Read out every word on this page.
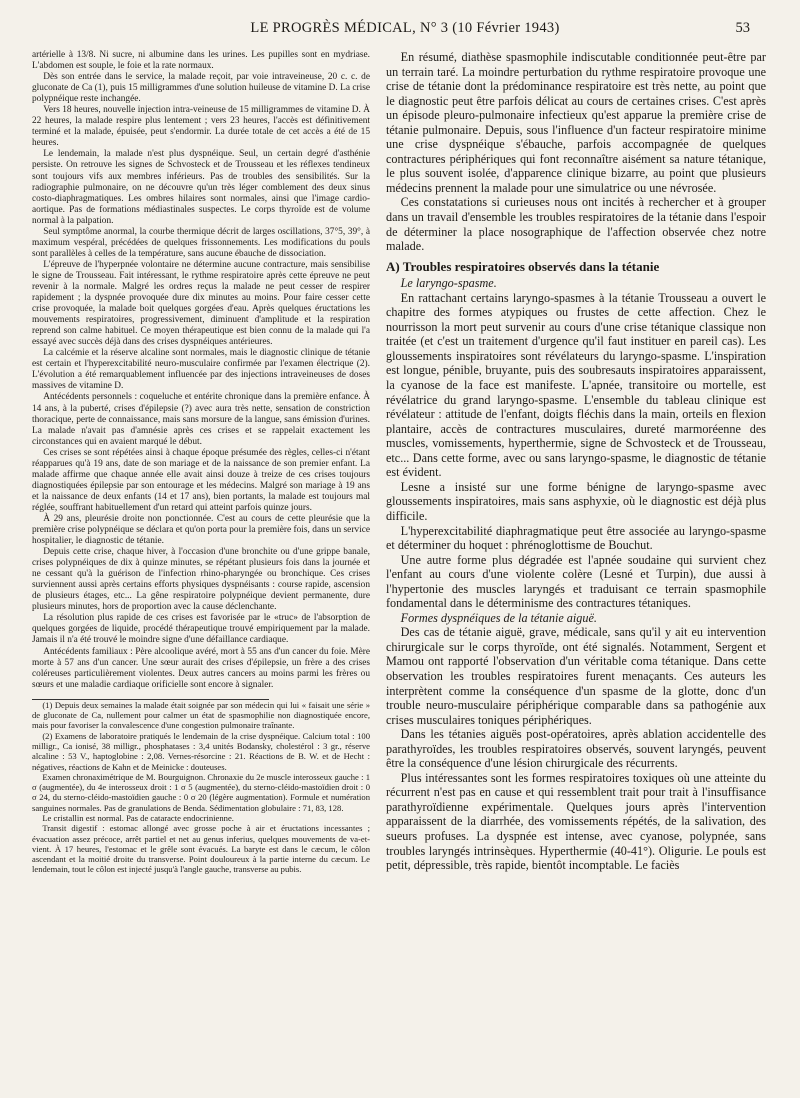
LE PROGRÈS MÉDICAL, N° 3 (10 Février 1943)	53

artérielle à 13/8. Ni sucre, ni albumine dans les urines. Les pupilles sont en mydriase. L'abdomen est souple, le foie et la rate normaux.

Dès son entrée dans le service, la malade reçoit, par voie intraveineuse, 20 c. c. de gluconate de Ca (1), puis 15 milligrammes d'une solution huileuse de vitamine D. La crise polypnéique reste inchangée.

Vers 18 heures, nouvelle injection intra-veineuse de 15 milligrammes de vitamine D. À 22 heures, la malade respire plus lentement ; vers 23 heures, l'accès est définitivement terminé et la malade, épuisée, peut s'endormir. La durée totale de cet accès a été de 15 heures.

Le lendemain, la malade n'est plus dyspnéique. Seul, un certain degré d'asthénie persiste. On retrouve les signes de Schvosteck et de Trousseau et les réflexes tendineux sont toujours vifs aux membres inférieurs. Pas de troubles des sensibilités. Sur la radiographie pulmonaire, on ne découvre qu'un très léger comblement des deux sinus costo-diaphragmatiques. Les ombres hilaires sont normales, ainsi que l'image cardio-aortique. Pas de formations médiastinales suspectes. Le corps thyroïde est de volume normal à la palpation.

Seul symptôme anormal, la courbe thermique décrit de larges oscillations, 37°5, 39°, à maximum vespéral, précédées de quelques frissonnements. Les modifications du pouls sont parallèles à celles de la température, sans aucune ébauche de dissociation.

L'épreuve de l'hyperpnée volontaire ne détermine aucune contracture, mais sensibilise le signe de Trousseau. Fait intéressant, le rythme respiratoire après cette épreuve ne peut revenir à la normale. Malgré les ordres reçus la malade ne peut cesser de respirer rapidement ; la dyspnée provoquée dure dix minutes au moins. Pour faire cesser cette crise provoquée, la malade boit quelques gorgées d'eau. Après quelques éructations les mouvements respiratoires, progressivement, diminuent d'amplitude et la respiration reprend son calme habituel. Ce moyen thérapeutique est bien connu de la malade qui l'a essayé avec succès déjà dans des crises dyspnéiques antérieures.

La calcémie et la réserve alcaline sont normales, mais le diagnostic clinique de tétanie est certain et l'hyperexcitabilité neuro-musculaire confirmée par l'examen électrique (2). L'évolution a été remarquablement influencée par des injections intraveineuses de doses massives de vitamine D.

Antécédents personnels : coqueluche et entérite chronique dans la première enfance. À 14 ans, à la puberté, crises d'épilepsie (?) avec aura très nette, sensation de constriction thoracique, perte de connaissance, mais sans morsure de la langue, sans émission d'urines. La malade n'avait pas d'amnésie après ces crises et se rappelait exactement les circonstances qui en avaient marqué le début.

Ces crises se sont répétées ainsi à chaque époque présumée des règles, celles-ci n'étant réapparues qu'à 19 ans, date de son mariage et de la naissance de son premier enfant. La malade affirme que chaque année elle avait ainsi douze à treize de ces crises toujours diagnostiquées épilepsie par son entourage et les médecins. Malgré son mariage à 19 ans et la naissance de deux enfants (14 et 17 ans), bien portants, la malade est toujours mal réglée, souffrant habituellement d'un retard qui atteint parfois quinze jours.

À 29 ans, pleurésie droite non ponctionnée. C'est au cours de cette pleurésie que la première crise polypnéique se déclara et qu'on porta pour la première fois, dans un service hospitalier, le diagnostic de tétanie.

Depuis cette crise, chaque hiver, à l'occasion d'une bronchite ou d'une grippe banale, crises polypnéiques de dix à quinze minutes, se répétant plusieurs fois dans la journée et ne cessant qu'à la guérison de l'infection rhino-pharyngée ou bronchique. Ces crises surviennent aussi après certains efforts physiques dyspnéisants : course rapide, ascension de plusieurs étages, etc... La gêne respiratoire polypnéique devient permanente, dure plusieurs minutes, hors de proportion avec la cause déclenchante.

La résolution plus rapide de ces crises est favorisée par le «truc» de l'absorption de quelques gorgées de liquide, procédé thérapeutique trouvé empiriquement par la malade. Jamais il n'a été trouvé le moindre signe d'une défaillance cardiaque.

Antécédents familiaux : Père alcoolique avéré, mort à 55 ans d'un cancer du foie. Mère morte à 57 ans d'un cancer. Une sœur aurait des crises d'épilepsie, un frère a des crises coléreuses particulièrement violentes. Deux autres cancers au moins parmi les frères ou sœurs et une maladie cardiaque orificielle sont encore à signaler.

(1) Depuis deux semaines la malade était soignée par son médecin qui lui « faisait une série » de gluconate de Ca, nullement pour calmer un état de spasmophilie non diagnostiquée encore, mais pour favoriser la convalescence d'une congestion pulmonaire traînante.

(2) Examens de laboratoire pratiqués le lendemain de la crise dyspnéique. Calcium total : 100 milligr., Ca ionisé, 38 milligr., phosphatases : 3,4 unités Bodansky, cholestérol : 3 gr., réserve alcaline : 53 V., haptoglobine : 2,08. Vernes-résorcine : 21. Réactions de B. W. et de Hecht : négatives, réactions de Kahn et de Meinicke : douteuses.

Examen chronaximétrique de M. Bourguignon. Chronaxie du 2e muscle interosseux gauche : 1 σ (augmentée), du 4e interosseux droit : 1 σ 5 (augmentée), du sterno-cléido-mastoïdien droit : 0 σ 24, du sterno-cléido-mastoïdien gauche : 0 σ 20 (légère augmentation). Formule et numération sanguines normales. Pas de granulations de Benda. Sédimentation globulaire : 71, 83, 128.

Le cristallin est normal. Pas de cataracte endocrinienne.

Transit digestif : estomac allongé avec grosse poche à air et éructations incessantes ; évacuation assez précoce, arrêt partiel et net au genus inferius, quelques mouvements de va-et-vient. À 17 heures, l'estomac et le grêle sont évacués. La baryte est dans le cæcum, le côlon ascendant et la moitié droite du transverse. Point douloureux à la partie interne du cæcum. Le lendemain, tout le côlon est injecté jusqu'à l'angle gauche, transverse au pubis.

En résumé, diathèse spasmophile indiscutable conditionnée peut-être par un terrain taré. La moindre perturbation du rythme respiratoire provoque une crise de tétanie dont la prédominance respiratoire est très nette, au point que le diagnostic peut être parfois délicat au cours de certaines crises. C'est après un épisode pleuro-pulmonaire infectieux qu'est apparue la première crise de tétanie pulmonaire. Depuis, sous l'influence d'un facteur respiratoire minime une crise dyspnéique s'ébauche, parfois accompagnée de quelques contractures périphériques qui font reconnaître aisément sa nature tétanique, le plus souvent isolée, d'apparence clinique bizarre, au point que plusieurs médecins prennent la malade pour une simulatrice ou une névrosée.

Ces constatations si curieuses nous ont incités à rechercher et à grouper dans un travail d'ensemble les troubles respiratoires de la tétanie dans l'espoir de déterminer la place nosographique de l'affection observée chez notre malade.

A) Troubles respiratoires observés dans la tétanie

Le laryngo-spasme.

En rattachant certains laryngo-spasmes à la tétanie Trousseau a ouvert le chapitre des formes atypiques ou frustes de cette affection. Chez le nourrisson la mort peut survenir au cours d'une crise tétanique classique non traitée (et c'est un traitement d'urgence qu'il faut instituer en pareil cas). Les gloussements inspiratoires sont révélateurs du laryngo-spasme. L'inspiration est longue, pénible, bruyante, puis des soubresauts inspiratoires apparaissent, la cyanose de la face est manifeste. L'apnée, transitoire ou mortelle, est révélatrice du grand laryngo-spasme. L'ensemble du tableau clinique est révélateur : attitude de l'enfant, doigts fléchis dans la main, orteils en flexion plantaire, accès de contractures musculaires, dureté marmoréenne des muscles, vomissements, hyperthermie, signe de Schvosteck et de Trousseau, etc... Dans cette forme, avec ou sans laryngo-spasme, le diagnostic de tétanie est évident.

Lesne a insisté sur une forme bénigne de laryngo-spasme avec gloussements inspiratoires, mais sans asphyxie, où le diagnostic est déjà plus difficile.

L'hyperexcitabilité diaphragmatique peut être associée au laryngo-spasme et déterminer du hoquet : phrénoglottisme de Bouchut.

Une autre forme plus dégradée est l'apnée soudaine qui survient chez l'enfant au cours d'une violente colère (Lesné et Turpin), due aussi à l'hypertonie des muscles laryngés et traduisant ce terrain spasmophile fondamental dans le déterminisme des contractures tétaniques.

Formes dyspnéiques de la tétanie aiguë.

Des cas de tétanie aiguë, grave, médicale, sans qu'il y ait eu intervention chirurgicale sur le corps thyroïde, ont été signalés. Notamment, Sergent et Mamou ont rapporté l'observation d'un véritable coma tétanique. Dans cette observation les troubles respiratoires furent menaçants. Ces auteurs les interprètent comme la conséquence d'un spasme de la glotte, donc d'un trouble neuro-musculaire périphérique comparable dans sa pathogénie aux crises musculaires toniques périphériques.

Dans les tétanies aiguës post-opératoires, après ablation accidentelle des parathyroïdes, les troubles respiratoires observés, souvent laryngés, peuvent être la conséquence d'une lésion chirurgicale des récurrents.

Plus intéressantes sont les formes respiratoires toxiques où une atteinte du récurrent n'est pas en cause et qui ressemblent trait pour trait à l'insuffisance parathyroïdienne expérimentale. Quelques jours après l'intervention apparaissent de la diarrhée, des vomissements répétés, de la salivation, des sueurs profuses. La dyspnée est intense, avec cyanose, polypnée, sans troubles laryngés intrinsèques. Hyperthermie (40-41°). Oligurie. Le pouls est petit, dépressible, très rapide, bientôt incomptable. Le faciès
